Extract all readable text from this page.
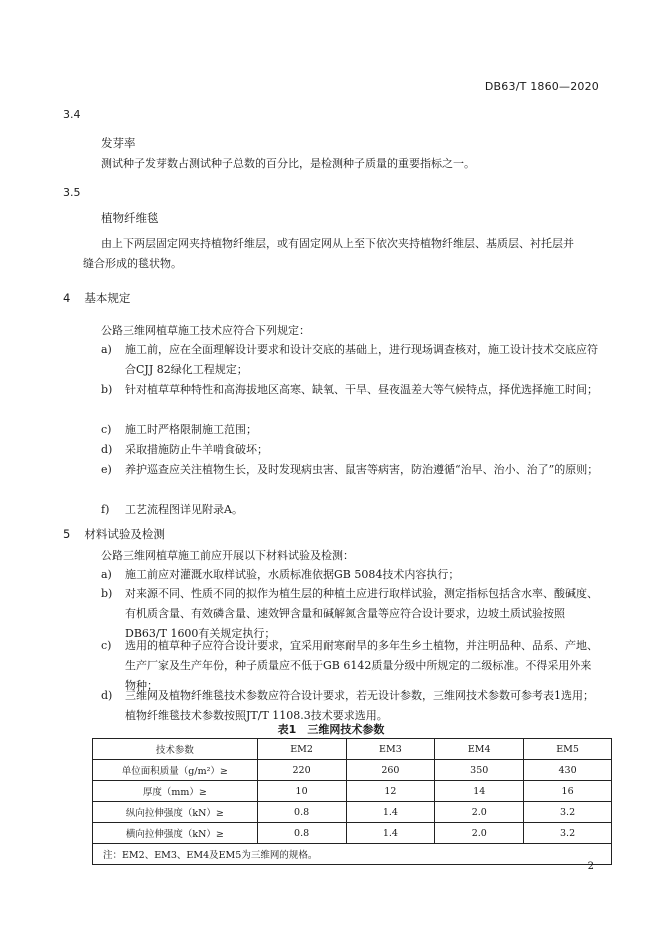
DB63/T 1860—2020
3.4
发芽率
测试种子发芽数占测试种子总数的百分比，是检测种子质量的重要指标之一。
3.5
植物纤维毯
由上下两层固定网夹持植物纤维层，或有固定网从上至下依次夹持植物纤维层、基质层、衬托层并
缝合形成的毯状物。
4 基本规定
公路三维网植草施工技术应符合下列规定：
a) 施工前，应在全面理解设计要求和设计交底的基础上，进行现场调查核对，施工设计技术交底应符合CJJ 82绿化工程规定；
b) 针对植草草种特性和高海拔地区高寒、缺氧、干旱、昼夜温差大等气候特点，择优选择施工时间；
c) 施工时严格限制施工范围；
d) 采取措施防止牛羊啃食破坏；
e) 养护巡查应关注植物生长，及时发现病虫害、鼠害等病害，防治遵循“治早、治小、治了”的原则；
f) 工艺流程图详见附录A。
5 材料试验及检测
公路三维网植草施工前应开展以下材料试验及检测：
a) 施工前应对灌溉水取样试验，水质标准依据GB 5084技术内容执行；
b) 对来源不同、性质不同的拟作为植生层的种植土应进行取样试验，测定指标包括含水率、酸碱度、有机质含量、有效磷含量、速效钾含量和碱解氮含量等应符合设计要求，边坡土质试验按照DB63/T 1600有关规定执行；
c) 选用的植草种子应符合设计要求，宜采用耐寒耐旱的多年生乡土植物，并注明品种、品系、产地、生产厂家及生产年份，种子质量应不低于GB 6142质量分级中所规定的二级标准。不得采用外来物种；
d) 三维网及植物纤维毯技术参数应符合设计要求，若无设计参数，三维网技术参数可参考表1选用；植物纤维毯技术参数按照JT/T 1108.3技术要求选用。
表1　三维网技术参数
技术参数	EM2	EM3	EM4	EM5
单位面积质量（g/m²）≥	220	260	350	430
厚度（mm）≥	10	12	14	16
纵向拉伸强度（kN）≥	0.8	1.4	2.0	3.2
横向拉伸强度（kN）≥	0.8	1.4	2.0	3.2
注：EM2、EM3、EM4及EM5为三维网的规格。				
2
